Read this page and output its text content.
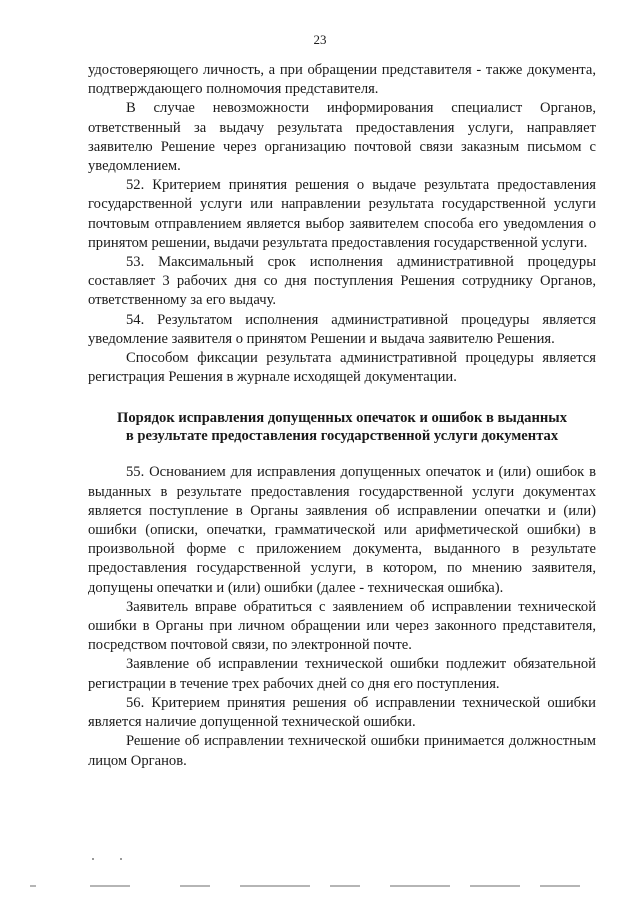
23

удостоверяющего личность, а при обращении представителя - также документа, подтверждающего полномочия представителя.

В случае невозможности информирования специалист Органов, ответственный за выдачу результата предоставления услуги, направляет заявителю Решение через организацию почтовой связи заказным письмом с уведомлением.

52. Критерием принятия решения о выдаче результата предоставления государственной услуги или направлении результата государственной услуги почтовым отправлением является выбор заявителем способа его уведомления о принятом решении, выдачи результата предоставления государственной услуги.

53. Максимальный срок исполнения административной процедуры составляет 3 рабочих дня со дня поступления Решения сотруднику Органов, ответственному за его выдачу.

54. Результатом исполнения административной процедуры является уведомление заявителя о принятом Решении и выдача заявителю Решения.

Способом фиксации результата административной процедуры является регистрация Решения в журнале исходящей документации.

Порядок исправления допущенных опечаток и ошибок в выданных
в результате предоставления государственной услуги документах

55. Основанием для исправления допущенных опечаток и (или) ошибок в выданных в результате предоставления государственной услуги документах является поступление в Органы заявления об исправлении опечатки и (или) ошибки (описки, опечатки, грамматической или арифметической ошибки) в произвольной форме с приложением документа, выданного в результате предоставления государственной услуги, в котором, по мнению заявителя, допущены опечатки и (или) ошибки (далее - техническая ошибка).

Заявитель вправе обратиться с заявлением об исправлении технической ошибки в Органы при личном обращении или через законного представителя, посредством почтовой связи, по электронной почте.

Заявление об исправлении технической ошибки подлежит обязательной регистрации в течение трех рабочих дней со дня его поступления.

56. Критерием принятия решения об исправлении технической ошибки является наличие допущенной технической ошибки.

Решение об исправлении технической ошибки принимается должностным лицом Органов.
